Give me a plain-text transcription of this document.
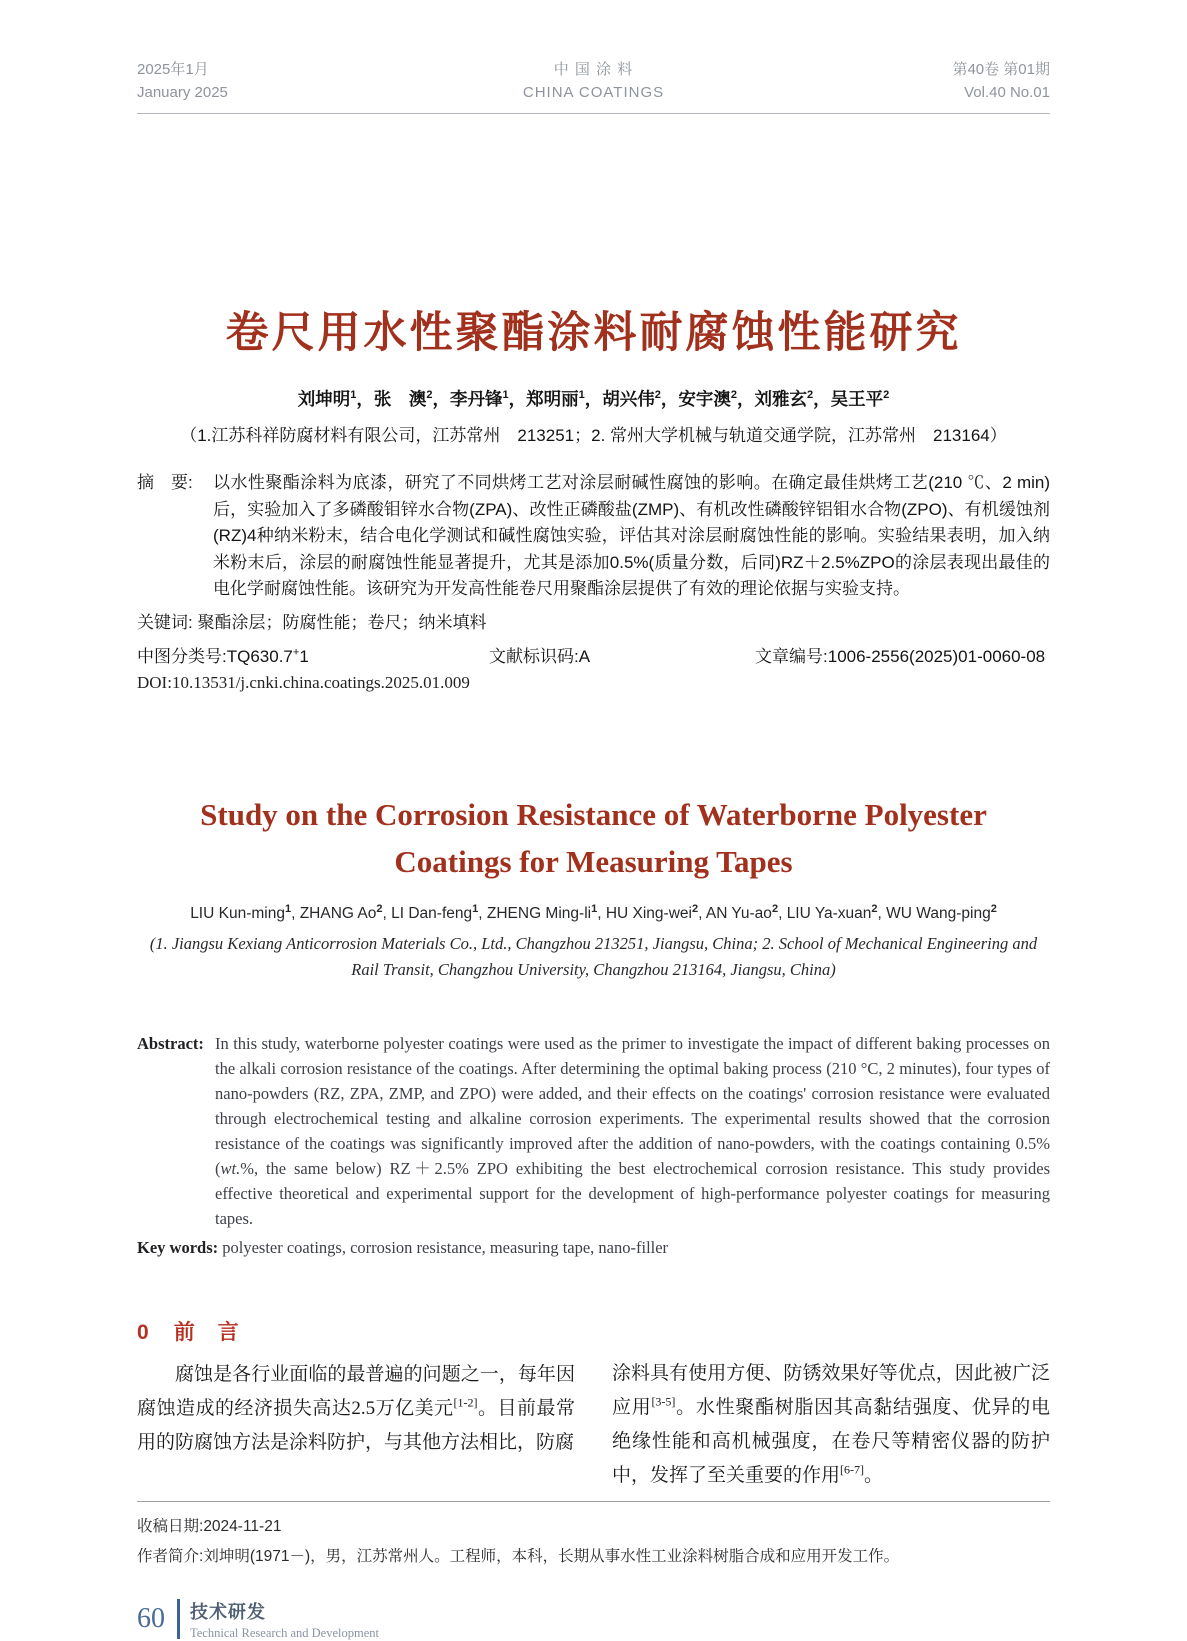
2025年1月
January 2025
中 国 涂 料
CHINA COATINGS
第40卷 第01期
Vol.40 No.01
卷尺用水性聚酯涂料耐腐蚀性能研究
刘坤明$^1$，张　澳$^2$，李丹锋$^1$，郑明丽$^1$，胡兴伟$^2$，安宇澳$^2$，刘雅玄$^2$，吴王平$^2$
（1.江苏科祥防腐材料有限公司，江苏常州　213251；2. 常州大学机械与轨道交通学院，江苏常州　213164）
摘　要:	以水性聚酯涂料为底漆，研究了不同烘烤工艺对涂层耐碱性腐蚀的影响。在确定最佳烘烤工艺(210 ℃、2 min)后，实验加入了多磷酸钼锌水合物(ZPA)、改性正磷酸盐(ZMP)、有机改性磷酸锌铝钼水合物(ZPO)、有机缓蚀剂(RZ)4种纳米粉末，结合电化学测试和碱性腐蚀实验，评估其对涂层耐腐蚀性能的影响。实验结果表明，加入纳米粉末后，涂层的耐腐蚀性能显著提升，尤其是添加0.5%(质量分数，后同)RZ＋2.5%ZPO的涂层表现出最佳的电化学耐腐蚀性能。该研究为开发高性能卷尺用聚酯涂层提供了有效的理论依据与实验支持。
关键词: 聚酯涂层；防腐性能；卷尺；纳米填料
中图分类号:TQ630.7+1	文献标识码:A	文章编号:1006-2556(2025)01-0060-08
DOI:10.13531/j.cnki.china.coatings.2025.01.009
Study on the Corrosion Resistance of Waterborne Polyester Coatings for Measuring Tapes
LIU Kun-ming$^1$, ZHANG Ao$^2$, LI Dan-feng$^1$, ZHENG Ming-$li^1$, HU Xing-wei$^2$, AN $Yu-ao^2$, LIU Ya-xuan$^2$, WU Wang-ping$^2$
(1. Jiangsu Kexiang Anticorrosion Materials Co., Ltd., Changzhou 213251, Jiangsu, China; 2. School of Mechanical Engineering and Rail Transit, Changzhou University, Changzhou 213164, Jiangsu, China)
Abstract: In this study, waterborne polyester coatings were used as the primer to investigate the impact of different baking processes on the alkali corrosion resistance of the coatings. After determining the optimal baking process (210 °C, 2 minutes), four types of nano-powders (RZ, ZPA, ZMP, and ZPO) were added, and their effects on the coatings' corrosion resistance were evaluated through electrochemical testing and alkaline corrosion experiments. The experimental results showed that the corrosion resistance of the coatings was significantly improved after the addition of nano-powders, with the coatings containing 0.5% (wt.%, the same below) RZ＋2.5% ZPO exhibiting the best electrochemical corrosion resistance. This study provides effective theoretical and experimental support for the development of high-performance polyester coatings for measuring tapes.
Key words: polyester coatings, corrosion resistance, measuring tape, nano-filler
0 前　言

腐蚀是各行业面临的最普遍的问题之一，每年因腐蚀造成的经济损失高达2.5万亿美元[1-2]。目前最常用的防腐蚀方法是涂料防护，与其他方法相比，防腐

涂料具有使用方便、防锈效果好等优点，因此被广泛应用[3-5]。水性聚酯树脂因其高黏结强度、优异的电绝缘性能和高机械强度，在卷尺等精密仪器的防护中，发挥了至关重要的作用[6-7]。

收稿日期:2024-11-21
作者简介:刘坤明(1971－)，男，江苏常州人。工程师，本科，长期从事水性工业涂料树脂合成和应用开发工作。
60 技术研发
Technical Research and Development
